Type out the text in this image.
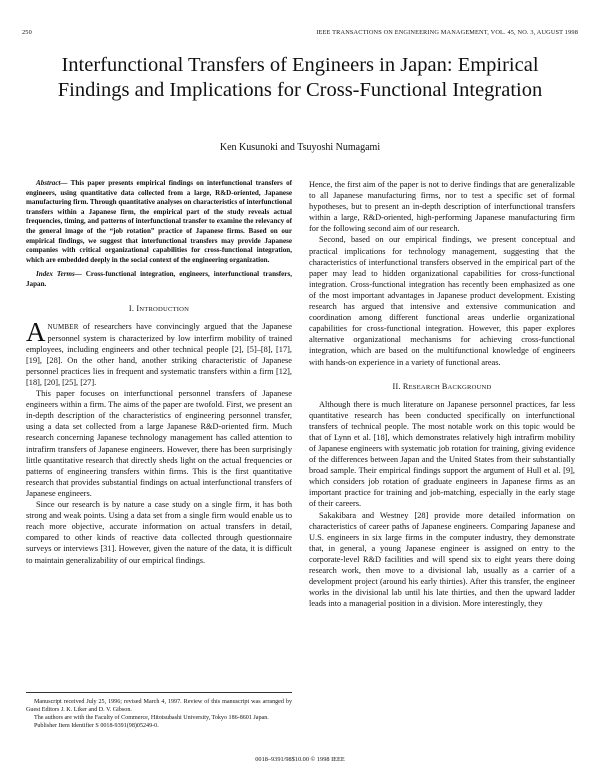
250	IEEE TRANSACTIONS ON ENGINEERING MANAGEMENT, VOL. 45, NO. 3, AUGUST 1998
Interfunctional Transfers of Engineers in Japan: Empirical Findings and Implications for Cross-Functional Integration
Ken Kusunoki and Tsuyoshi Numagami

Abstract— This paper presents empirical findings on interfunctional transfers of engineers, using quantitative data collected from a large, R&D-oriented, Japanese manufacturing firm. Through quantitative analyses on characteristics of interfunctional transfers within a Japanese firm, the empirical part of the study reveals actual frequencies, timing, and patterns of interfunctional transfer to examine the relevancy of the general image of the “job rotation” practice of Japanese firms. Based on our empirical findings, we suggest that interfunctional transfers may provide Japanese companies with critical organizational capabilities for cross-functional integration, which are embedded deeply in the social context of the engineering organization.

Index Terms— Cross-functional integration, engineers, interfunctional transfers, Japan.

I. INTRODUCTION

ANUMBER of researchers have convincingly argued that the Japanese personnel system is characterized by low interfirm mobility of trained employees, including engineers and other technical people [2], [5]–[8], [17], [19], [28]. On the other hand, another striking characteristic of Japanese personnel practices lies in frequent and systematic transfers within a firm [12], [18], [20], [25], [27].

This paper focuses on interfunctional personnel transfers of Japanese engineers within a firm. The aims of the paper are twofold. First, we present an in-depth description of the characteristics of engineering personnel transfer, using a data set collected from a large Japanese R&D-oriented firm. Much research concerning Japanese technology management has called attention to intrafirm transfers of Japanese engineers. However, there has been surprisingly little quantitative research that directly sheds light on the actual frequencies or patterns of engineering transfers within firms. This is the first quantitative research that provides substantial findings on actual interfunctional transfers of Japanese engineers.

Since our research is by nature a case study on a single firm, it has both strong and weak points. Using a data set from a single firm would enable us to reach more objective, accurate information on actual transfers in detail, compared to other kinds of reactive data collected through questionnaire surveys or interviews [31]. However, given the nature of the data, it is difficult to maintain generalizability of our empirical findings.

Manuscript received July 25, 1996; revised March 4, 1997. Review of this manuscript was arranged by Guest Editors J. K. Liker and D. V. Gibson.

The authors are with the Faculty of Commerce, Hitotsubashi University, Tokyo 186-8601 Japan.

Publisher Item Identifier S 0018-9391(98)05249-0.

Hence, the first aim of the paper is not to derive findings that are generalizable to all Japanese manufacturing firms, nor to test a specific set of formal hypotheses, but to present an in-depth description of interfunctional transfers within a large, R&D-oriented, high-performing Japanese manufacturing firm for the following second aim of our research.

Second, based on our empirical findings, we present conceptual and practical implications for technology management, suggesting that the characteristics of interfunctional transfers observed in the empirical part of the paper may lead to hidden organizational capabilities for cross-functional integration. Cross-functional integration has recently been emphasized as one of the most important advantages in Japanese product development. Existing research has argued that intensive and extensive communication and coordination among different functional areas underlie organizational capabilities for cross-functional integration. However, this paper explores alternative organizational mechanisms for achieving cross-functional integration, which are based on the multifunctional knowledge of engineers with hands-on experience in a variety of functional areas.

II. RESEARCH BACKGROUND

Although there is much literature on Japanese personnel practices, far less quantitative research has been conducted specifically on interfunctional transfers of technical people. The most notable work on this topic would be that of Lynn et al. [18], which demonstrates relatively high intrafirm mobility of Japanese engineers with systematic job rotation for training, giving evidence of the differences between Japan and the United States from their substantially broad sample. Their empirical findings support the argument of Hull et al. [9], which considers job rotation of graduate engineers in Japanese firms as an important practice for training and job-matching, especially in the early stage of their careers.

Sakakibara and Westney [28] provide more detailed information on characteristics of career paths of Japanese engineers. Comparing Japanese and U.S. engineers in six large firms in the computer industry, they demonstrate that, in general, a young Japanese engineer is assigned on entry to the corporate-level R&D facilities and will spend six to eight years there doing research work, then move to a divisional lab, usually as a carrier of a development project (around his early thirties). After this transfer, the engineer works in the divisional lab until his late thirties, and then the upward ladder leads into a managerial position in a division. More interestingly, they

0018–9391/98$10.00 © 1998 IEEE
